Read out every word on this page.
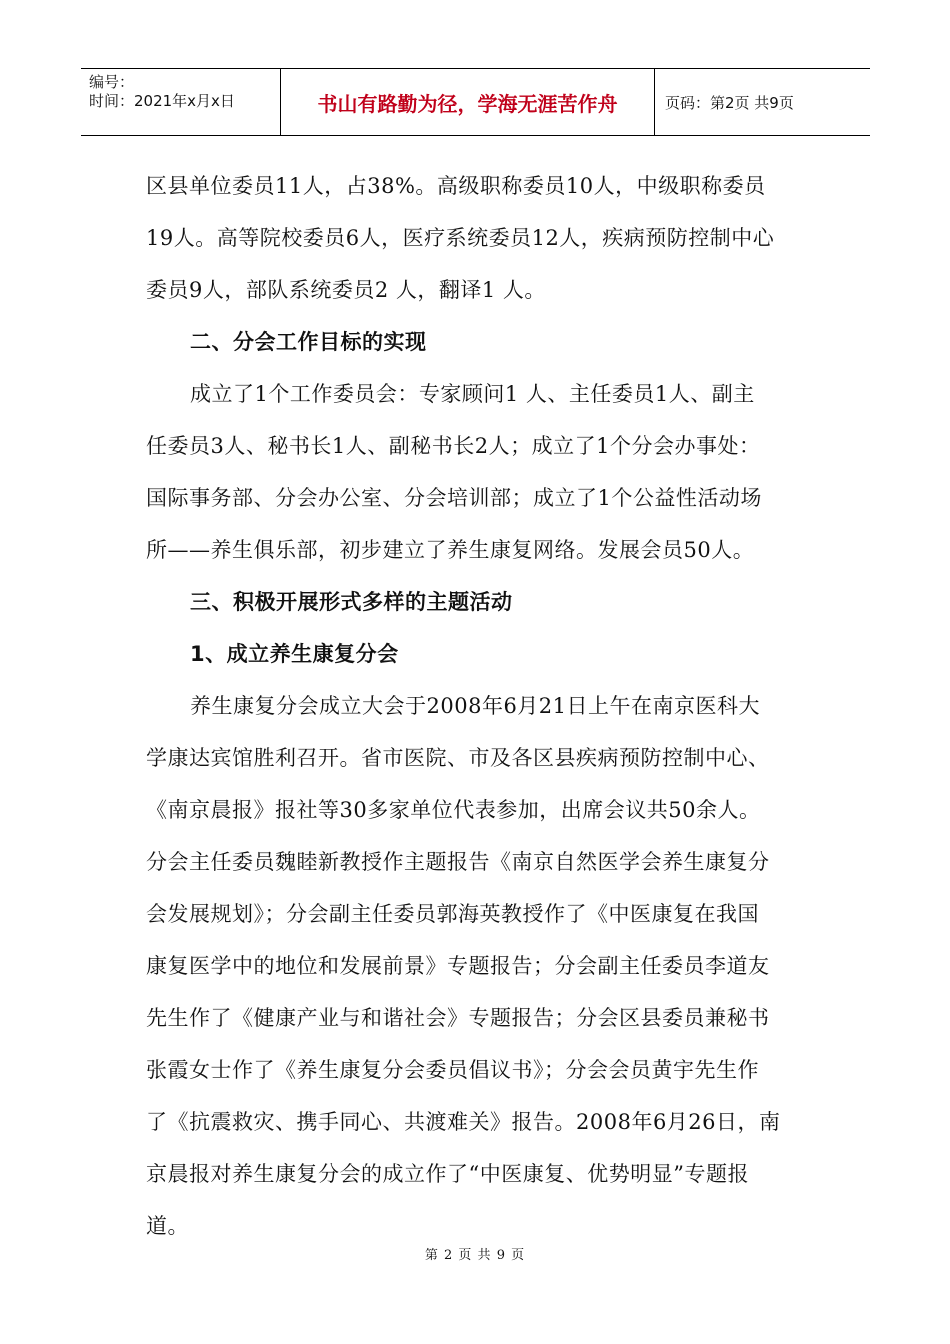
编号：
时间：2021年x月x日	书山有路勤为径，学海无涯苦作舟	页码：第2页 共9页
区县单位委员11人，占38%。高级职称委员10人，中级职称委员
19人。高等院校委员6人，医疗系统委员12人，疾病预防控制中心
委员9人，部队系统委员2 人，翻译1 人。
二、分会工作目标的实现
成立了1个工作委员会：专家顾问1 人、主任委员1人、副主
任委员3人、秘书长1人、副秘书长2人；成立了1个分会办事处：
国际事务部、分会办公室、分会培训部；成立了1个公益性活动场
所——养生俱乐部，初步建立了养生康复网络。发展会员50人。
三、积极开展形式多样的主题活动
1、成立养生康复分会
养生康复分会成立大会于2008年6月21日上午在南京医科大
学康达宾馆胜利召开。省市医院、市及各区县疾病预防控制中心、
《南京晨报》报社等30多家单位代表参加，出席会议共50余人。
分会主任委员魏睦新教授作主题报告《南京自然医学会养生康复分
会发展规划》；分会副主任委员郭海英教授作了《中医康复在我国
康复医学中的地位和发展前景》专题报告；分会副主任委员李道友
先生作了《健康产业与和谐社会》专题报告；分会区县委员兼秘书
张霞女士作了《养生康复分会委员倡议书》；分会会员黄宇先生作
了《抗震救灾、携手同心、共渡难关》报告。2008年6月26日，南
京晨报对养生康复分会的成立作了“中医康复、优势明显”专题报
道。
第 2 页 共 9 页
